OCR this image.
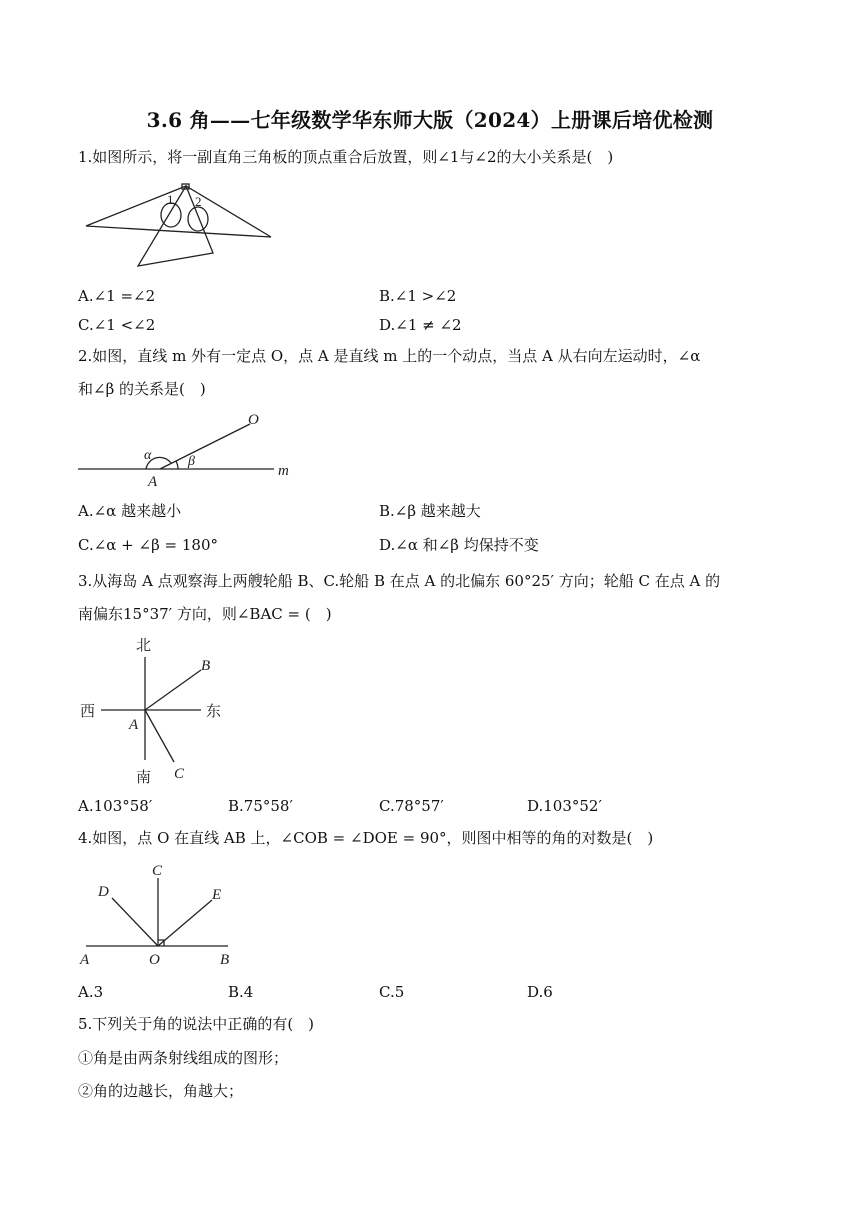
3.6 角——七年级数学华东师大版（2024）上册课后培优检测
1.如图所示，将一副直角三角板的顶点重合后放置，则∠1与∠2的大小关系是(　)
1 2
A.∠1 =∠2	B.∠1 >∠2
C.∠1 <∠2	D.∠1 ≠ ∠2
2.如图，直线 m 外有一定点 O，点 A 是直线 m 上的一个动点，当点 A 从右向左运动时，∠α
和∠β 的关系是(　)
O
α	β
A
m
A.∠α 越来越小	B.∠β 越来越大
C.∠α + ∠β = 180°	D.∠α 和∠β 均保持不变
3.从海岛 A 点观察海上两艘轮船 B、C.轮船 B 在点 A 的北偏东 60°25′ 方向；轮船 C 在点 A 的
南偏东15°37′ 方向，则∠BAC = (　)
北
B
西	东
A
南 C
A.103°58′	B.75°58′	C.78°57′	D.103°52′
4.如图，点 O 在直线 AB 上，∠COB = ∠DOE = 90°，则图中相等的角的对数是(　)
C
D	E
A	O	B
A.3	B.4	C.5	D.6
5.下列关于角的说法中正确的有(　)
①角是由两条射线组成的图形；
②角的边越长，角越大；
